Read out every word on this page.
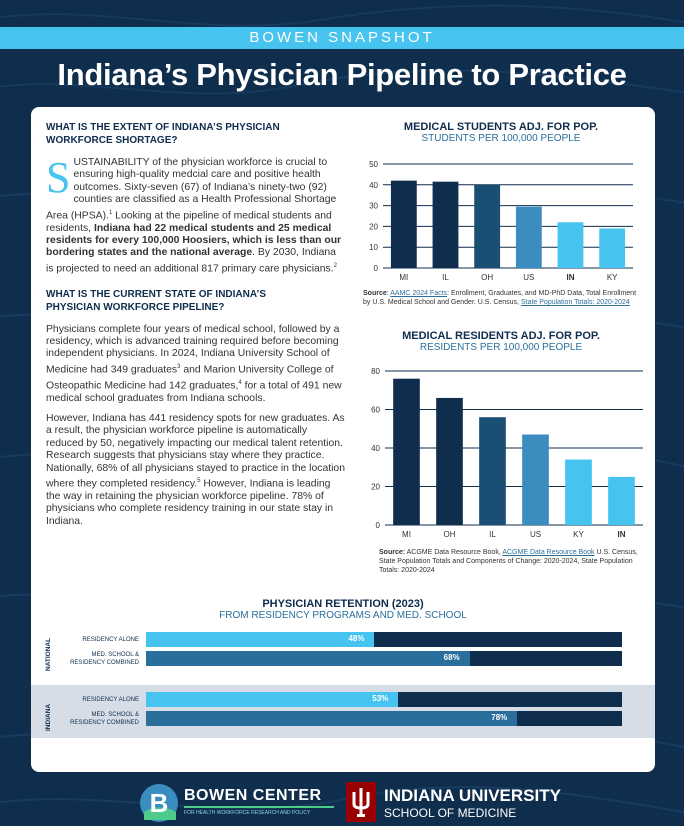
BOWEN SNAPSHOT
Indiana’s Physician Pipeline to Practice

WHAT IS THE EXTENT OF INDIANA’S PHYSICIAN WORKFORCE SHORTAGE?

SUSTAINABILITY of the physician workforce is crucial to ensuring high-quality medcial care and positive health outcomes. Sixty-seven (67) of Indiana’s ninety-two (92) counties are classified as a Health Professional Shortage Area (HPSA).$^1$ Looking at the pipeline of medical students and residents, Indiana had 22 medical students and 25 medical residents for every 100,000 Hoosiers, which is less than our bordering states and the national average. By 2030, Indiana is projected to need an additional 817 primary care physicians.$^2$

WHAT IS THE CURRENT STATE OF INDIANA’S PHYSICIAN WORKFORCE PIPELINE?

Physicians complete four years of medical school, followed by a residency, which is advanced training required before becoming independent physicians. In 2024, Indiana University School of Medicine had 349 graduates$^3$ and Marion University College of Osteopathic Medicine had 142 graduates,$^4$ for a total of 491 new medical school graduates from Indiana schools.
However, Indiana has 441 residency spots for new graduates. As a result, the physician workforce pipeline is automatically reduced by 50, negatively impacting our medical talent retention. Research suggests that physicians stay where they practice. Nationally, 68% of all physicians stayed to practice in the location where they completed residency.$^5$ However, Indiana is leading the way in retaining the physician workforce pipeline. 78% of physicians who complete residency training in our state stay in Indiana.

MEDICAL STUDENTS ADJ. FOR POP.

STUDENTS PER 100,000 PEOPLE

0
10
20
30
40
50
MI	IL	OH	US	IN	KY
Source: AAMC 2024 Facts: Enrollment, Graduates, and MD-PhD Data, Total Enrollment by U.S. Medical School and Gender. U.S. Census, State Population Totals: 2020-2024

MEDICAL RESIDENTS ADJ. FOR POP.

RESIDENTS PER 100,000 PEOPLE

0
20
40
60
80
MI	OH	IL	US	KY	IN
Source: ACGME Data Resource Book, ACGME Data Resource Book U.S. Census, State Population Totals and Components of Change: 2020-2024, State Population Totals: 2020-2024
PHYSICIAN RETENTION (2023)
FROM RESIDENCY PROGRAMS AND MED. SCHOOL
NATIONAL	RESIDENCY ALONE	48%
MED. SCHOOL &
RESIDENCY COMBINED
68%
INDIANA
RESIDENCY ALONE	53%
MED. SCHOOL &
RESIDENCY COMBINED
78%
B BOWEN CENTER
FOR HEALTH WORKFORCE RESEARCH AND POLICY
INDIANA UNIVERSITY
SCHOOL OF MEDICINE
